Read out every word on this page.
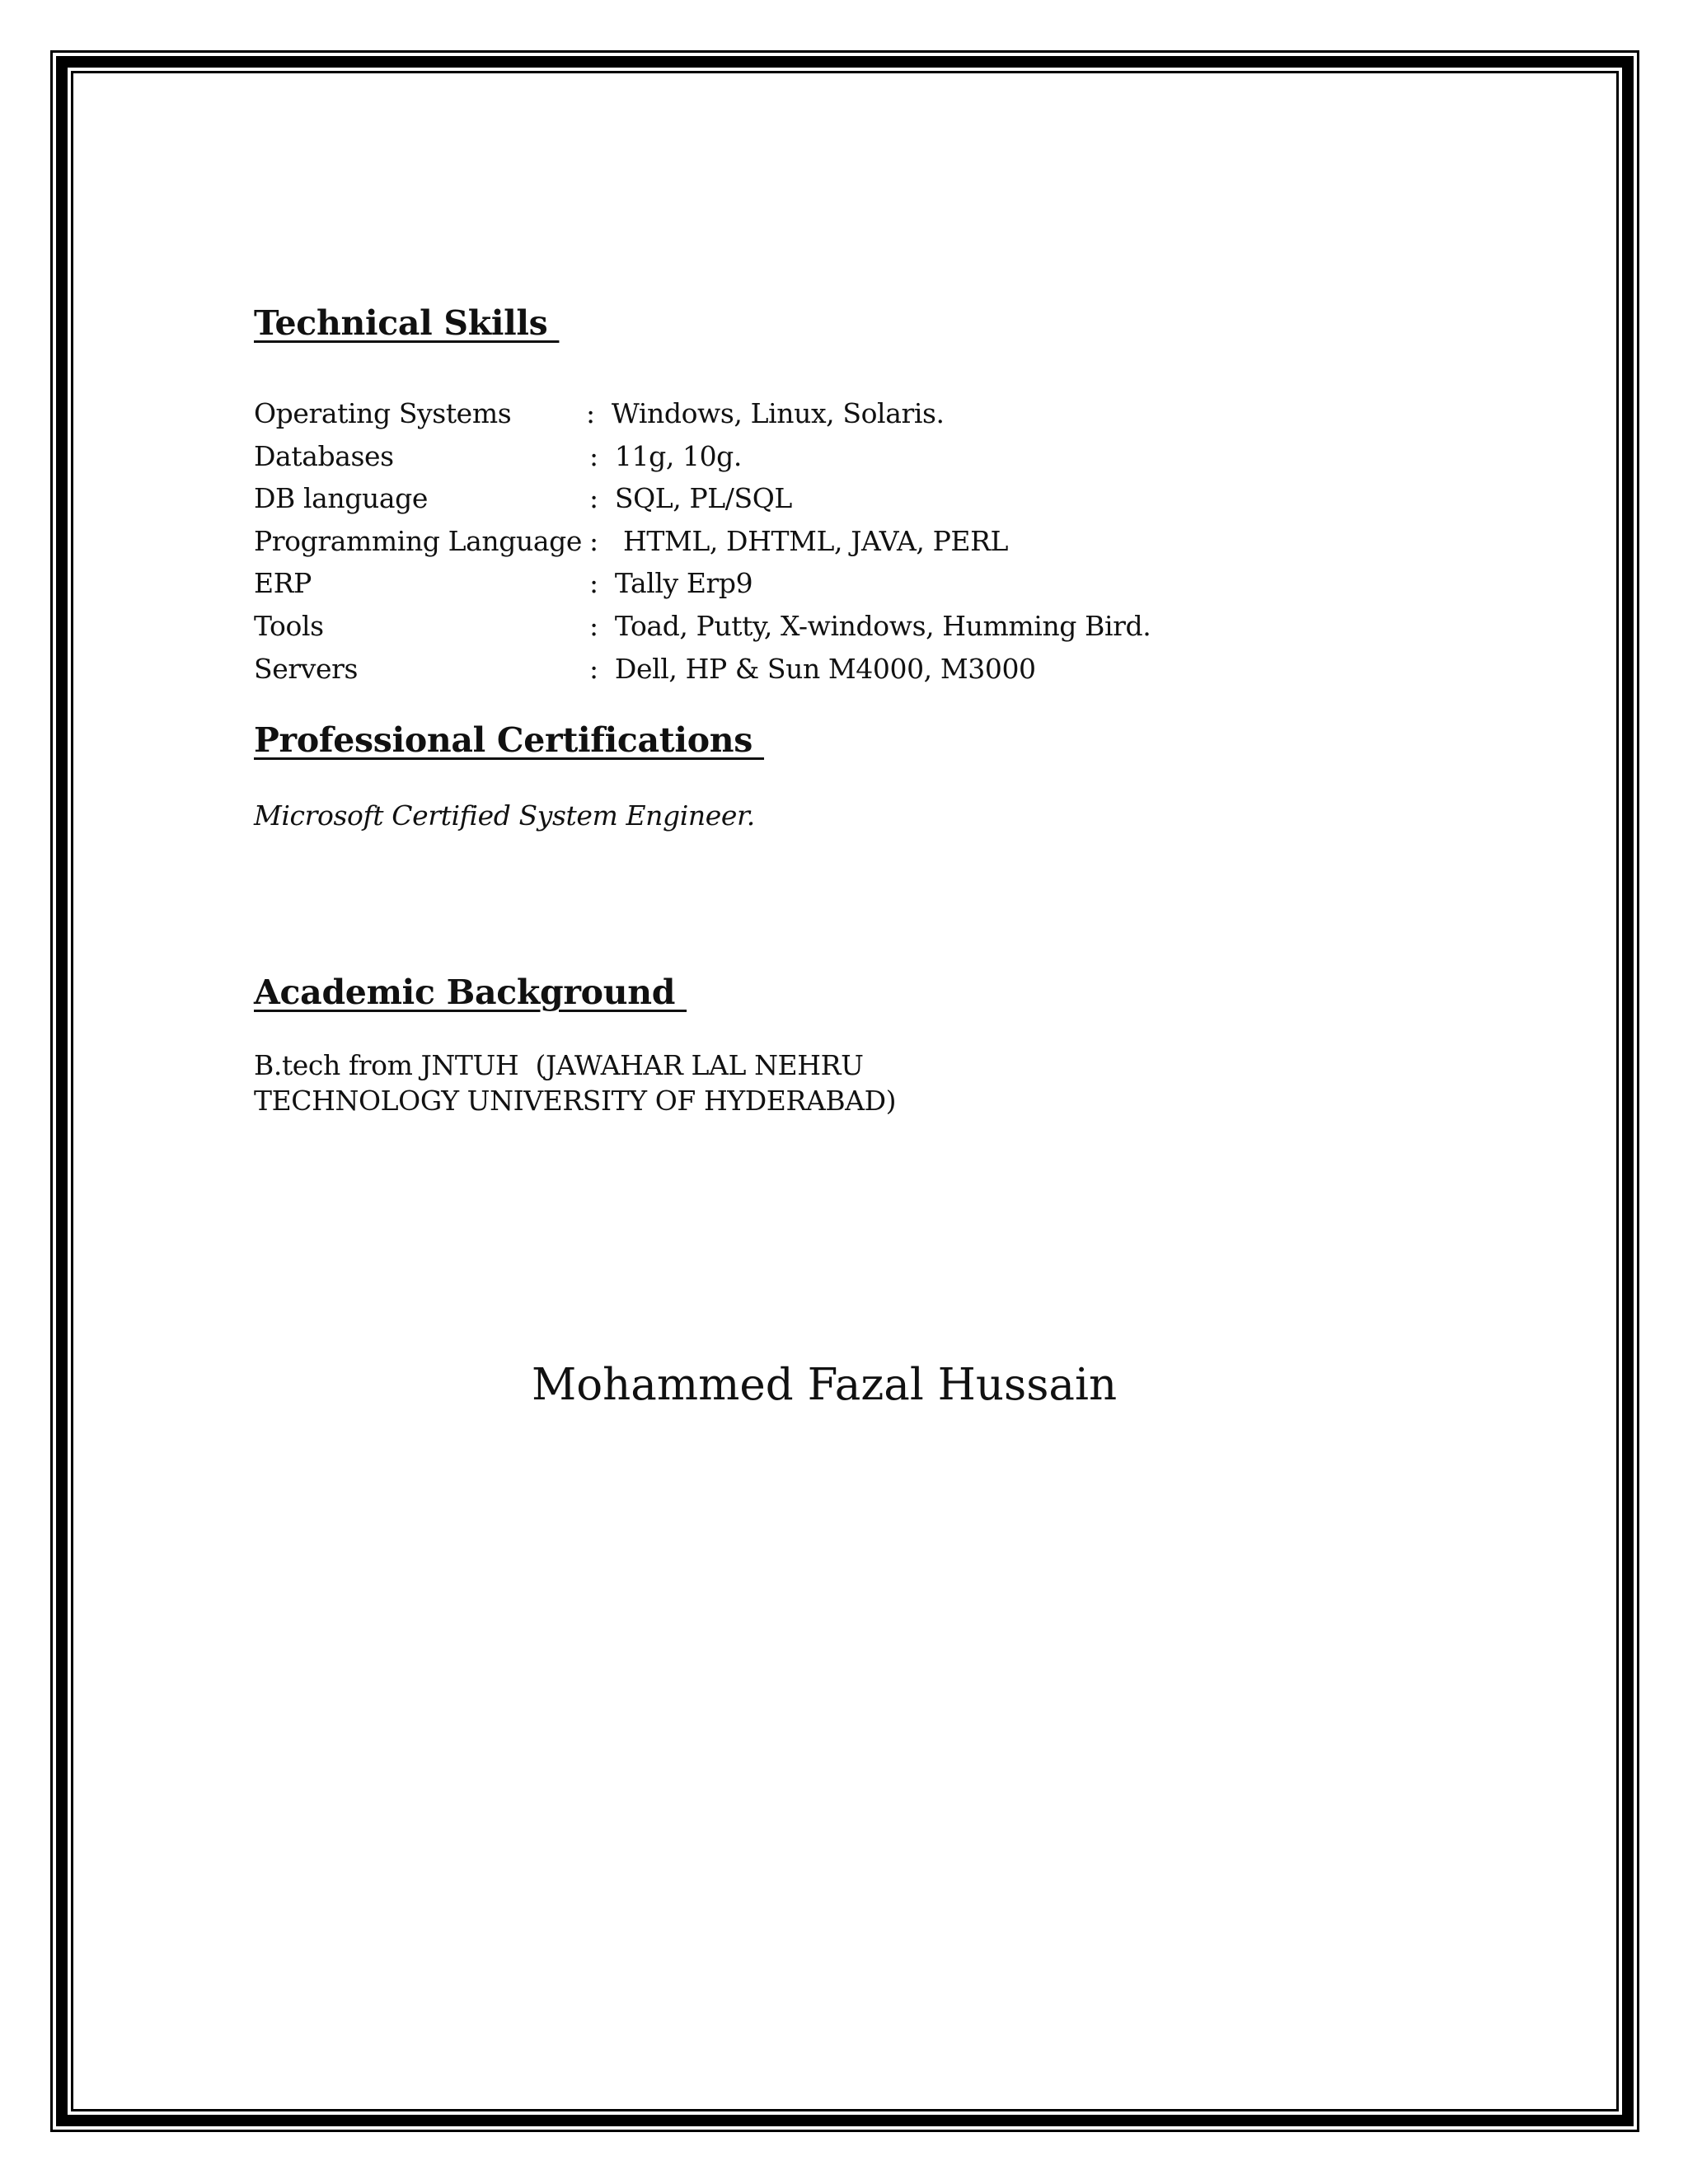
Technical Skills
Operating Systems	:  Windows, Linux, Solaris.
Databases	:  11g, 10g.
DB language	:  SQL, PL/SQL
Programming Language :   HTML, DHTML, JAVA, PERL
ERP	:  Tally Erp9
Tools	:  Toad, Putty, X-windows, Humming Bird.
Servers	:  Dell, HP & Sun M4000, M3000
Professional Certifications
Microsoft Certified System Engineer.
Academic Background
B.tech from JNTUH  (JAWAHAR LAL NEHRU
TECHNOLOGY UNIVERSITY OF HYDERABAD)
Mohammed Fazal Hussain
